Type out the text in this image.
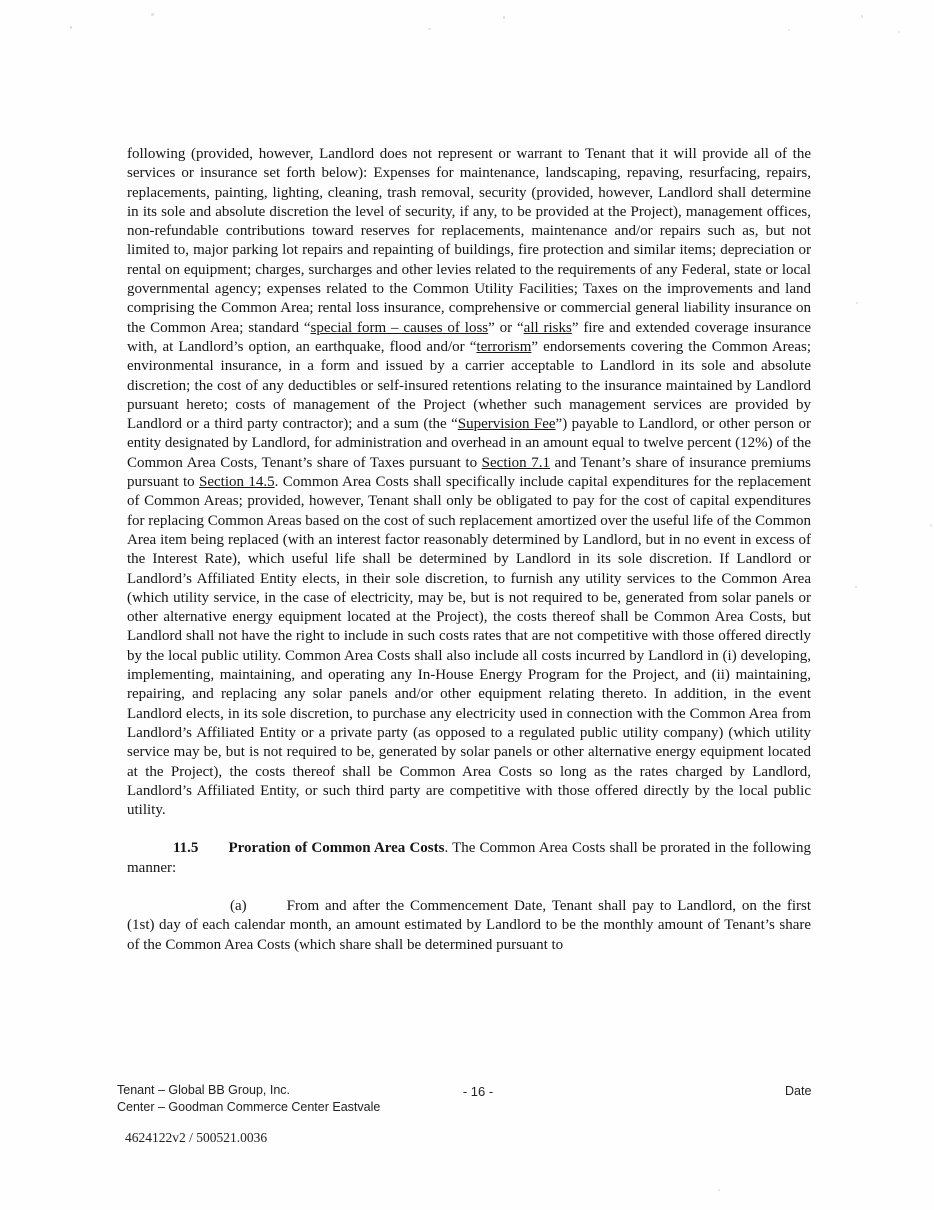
following (provided, however, Landlord does not represent or warrant to Tenant that it will provide all of the services or insurance set forth below): Expenses for maintenance, landscaping, repaving, resurfacing, repairs, replacements, painting, lighting, cleaning, trash removal, security (provided, however, Landlord shall determine in its sole and absolute discretion the level of security, if any, to be provided at the Project), management offices, non-refundable contributions toward reserves for replacements, maintenance and/or repairs such as, but not limited to, major parking lot repairs and repainting of buildings, fire protection and similar items; depreciation or rental on equipment; charges, surcharges and other levies related to the requirements of any Federal, state or local governmental agency; expenses related to the Common Utility Facilities; Taxes on the improvements and land comprising the Common Area; rental loss insurance, comprehensive or commercial general liability insurance on the Common Area; standard “special form – causes of loss” or “all risks” fire and extended coverage insurance with, at Landlord’s option, an earthquake, flood and/or “terrorism” endorsements covering the Common Areas; environmental insurance, in a form and issued by a carrier acceptable to Landlord in its sole and absolute discretion; the cost of any deductibles or self-insured retentions relating to the insurance maintained by Landlord pursuant hereto; costs of management of the Project (whether such management services are provided by Landlord or a third party contractor); and a sum (the “Supervision Fee”) payable to Landlord, or other person or entity designated by Landlord, for administration and overhead in an amount equal to twelve percent (12%) of the Common Area Costs, Tenant’s share of Taxes pursuant to Section 7.1 and Tenant’s share of insurance premiums pursuant to Section 14.5. Common Area Costs shall specifically include capital expenditures for the replacement of Common Areas; provided, however, Tenant shall only be obligated to pay for the cost of capital expenditures for replacing Common Areas based on the cost of such replacement amortized over the useful life of the Common Area item being replaced (with an interest factor reasonably determined by Landlord, but in no event in excess of the Interest Rate), which useful life shall be determined by Landlord in its sole discretion. If Landlord or Landlord’s Affiliated Entity elects, in their sole discretion, to furnish any utility services to the Common Area (which utility service, in the case of electricity, may be, but is not required to be, generated from solar panels or other alternative energy equipment located at the Project), the costs thereof shall be Common Area Costs, but Landlord shall not have the right to include in such costs rates that are not competitive with those offered directly by the local public utility. Common Area Costs shall also include all costs incurred by Landlord in (i) developing, implementing, maintaining, and operating any In-House Energy Program for the Project, and (ii) maintaining, repairing, and replacing any solar panels and/or other equipment relating thereto. In addition, in the event Landlord elects, in its sole discretion, to purchase any electricity used in connection with the Common Area from Landlord’s Affiliated Entity or a private party (as opposed to a regulated public utility company) (which utility service may be, but is not required to be, generated by solar panels or other alternative energy equipment located at the Project), the costs thereof shall be Common Area Costs so long as the rates charged by Landlord, Landlord’s Affiliated Entity, or such third party are competitive with those offered directly by the local public utility.

11.5 Proration of Common Area Costs. The Common Area Costs shall be prorated in the following manner:

(a)	From and after the Commencement Date, Tenant shall pay to Landlord, on the first (1st) day of each calendar month, an amount estimated by Landlord to be the monthly amount of Tenant’s share of the Common Area Costs (which share shall be determined pursuant to

Tenant – Global BB Group, Inc.
Center – Goodman Commerce Center Eastvale
- 16 -	Date
4624122v2 / 500521.0036
